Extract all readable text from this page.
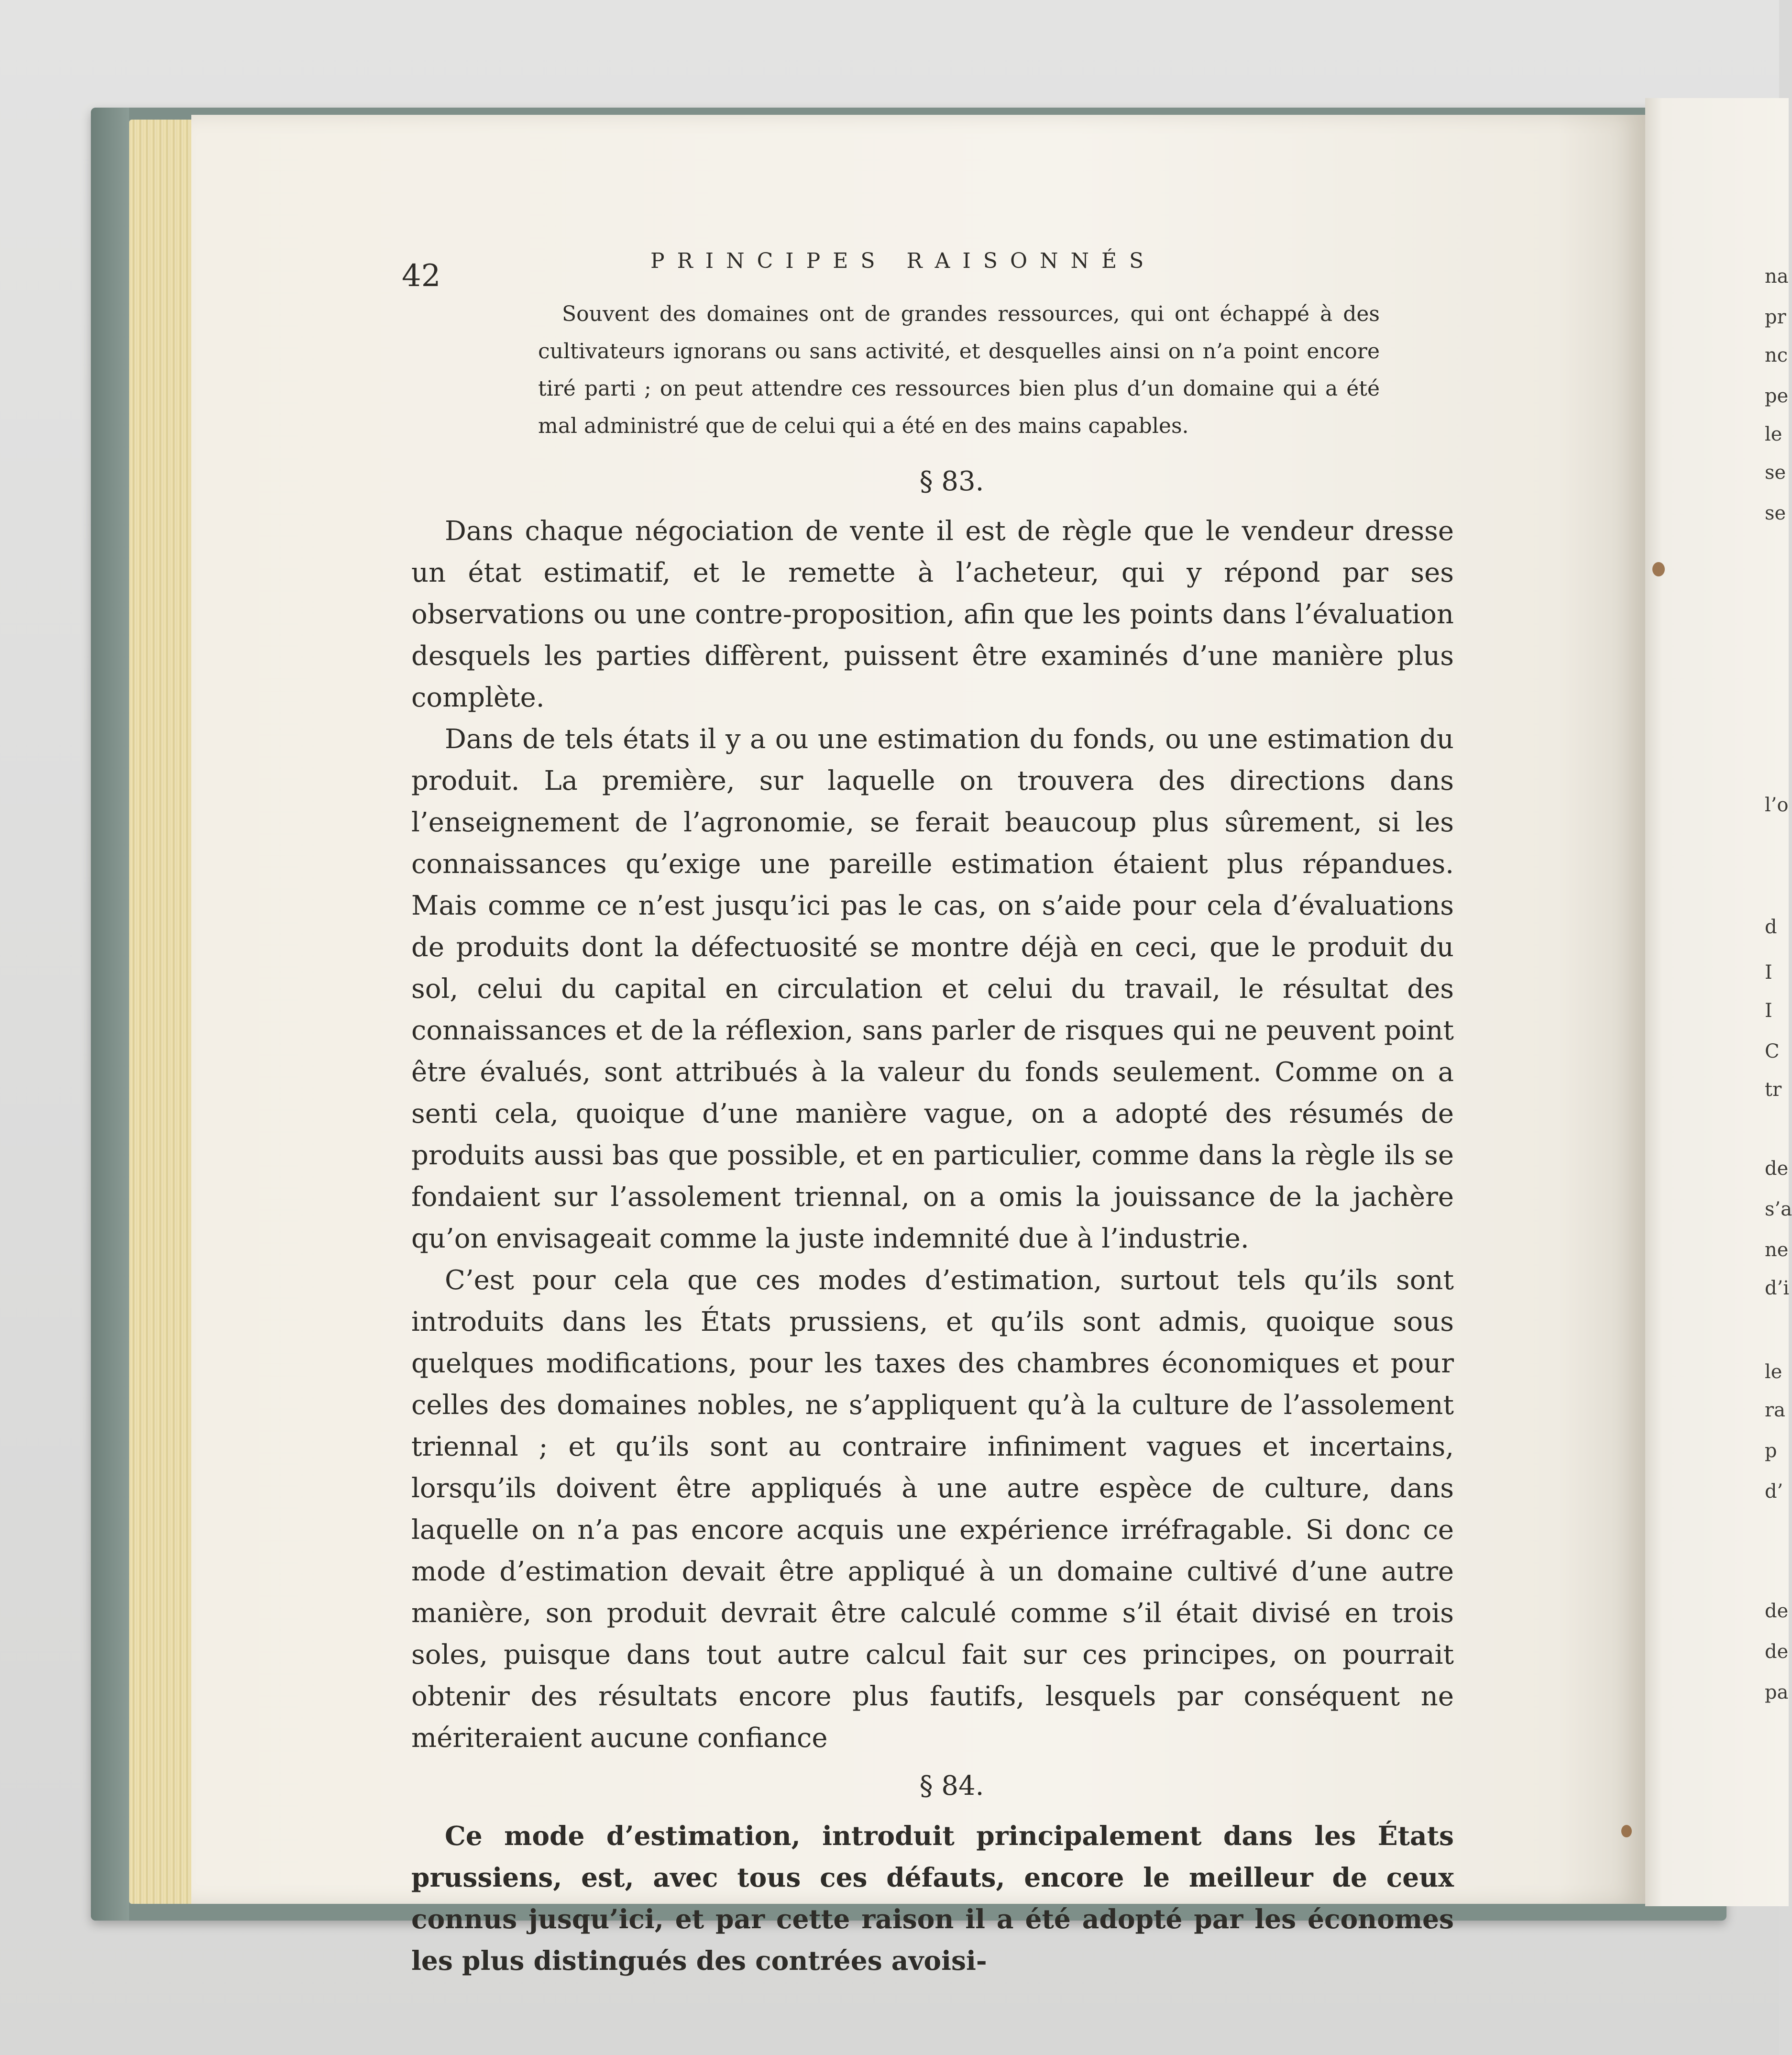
na
pr
nc
pe
le
se
se
l’o
d
I
I
C
tr
de
s’a
ne
d’i
le
ra
p
d’
de
de
pa
42	PRINCIPES RAISONNÉS

Souvent des domaines ont de grandes ressources, qui ont échappé à des cultivateurs ignorans ou sans activité, et desquelles ainsi on n’a point encore tiré parti ; on peut attendre ces ressources bien plus d’un domaine qui a été mal administré que de celui qui a été en des mains capables.

§ 83.

Dans chaque négociation de vente il est de règle que le vendeur dresse un état estimatif, et le remette à l’acheteur, qui y répond par ses observations ou une contre-proposition, afin que les points dans l’évaluation desquels les parties diffèrent, puissent être examinés d’une manière plus complète.

Dans de tels états il y a ou une estimation du fonds, ou une estimation du produit. La première, sur laquelle on trouvera des directions dans l’enseignement de l’agronomie, se ferait beaucoup plus sûrement, si les connaissances qu’exige une pareille estimation étaient plus répandues. Mais comme ce n’est jusqu’ici pas le cas, on s’aide pour cela d’évaluations de produits dont la défectuosité se montre déjà en ceci, que le produit du sol, celui du capital en circulation et celui du travail, le résultat des connaissances et de la réflexion, sans parler de risques qui ne peuvent point être évalués, sont attribués à la valeur du fonds seulement. Comme on a senti cela, quoique d’une manière vague, on a adopté des résumés de produits aussi bas que possible, et en particulier, comme dans la règle ils se fondaient sur l’assolement triennal, on a omis la jouissance de la jachère qu’on envisageait comme la juste indemnité due à l’industrie.

C’est pour cela que ces modes d’estimation, surtout tels qu’ils sont introduits dans les États prussiens, et qu’ils sont admis, quoique sous quelques modifications, pour les taxes des chambres économiques et pour celles des domaines nobles, ne s’appliquent qu’à la culture de l’assolement triennal ; et qu’ils sont au contraire infiniment vagues et incertains, lorsqu’ils doivent être appliqués à une autre espèce de culture, dans laquelle on n’a pas encore acquis une expérience irréfragable. Si donc ce mode d’estimation devait être appliqué à un domaine cultivé d’une autre manière, son produit devrait être calculé comme s’il était divisé en trois soles, puisque dans tout autre calcul fait sur ces principes, on pourrait obtenir des résultats encore plus fautifs, lesquels par conséquent ne mériteraient aucune confiance

§ 84.

Ce mode d’estimation, introduit principalement dans les États prussiens, est, avec tous ces défauts, encore le meilleur de ceux connus jusqu’ici, et par cette raison il a été adopté par les économes les plus distingués des contrées avoisi-
